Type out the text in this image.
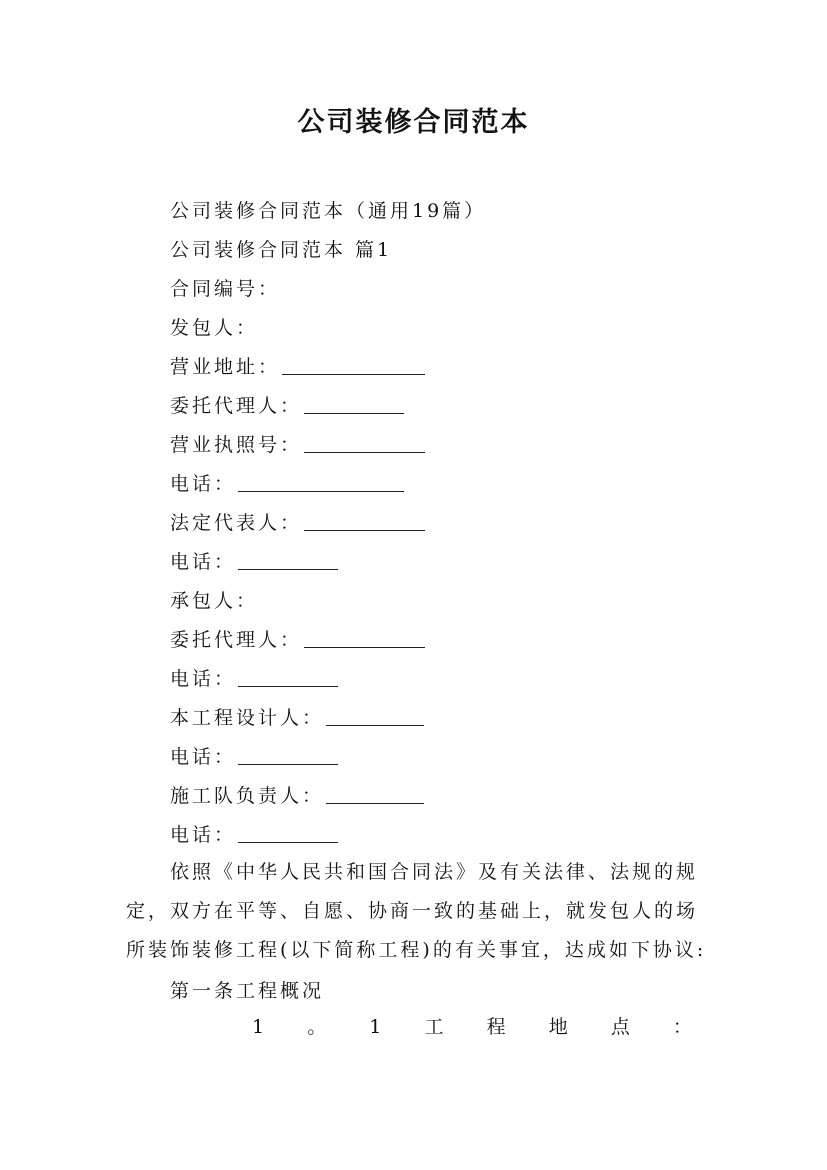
公司装修合同范本
公司装修合同范本（通用19篇）
公司装修合同范本 篇1
合同编号：
发包人：
营业地址：
委托代理人：
营业执照号：
电话：
法定代表人：
电话：
承包人：
委托代理人：
电话：
本工程设计人：
电话：
施工队负责人：
电话：
依照《中华人民共和国合同法》及有关法律、法规的规
定，双方在平等、自愿、协商一致的基础上，就发包人的场
所装饰装修工程(以下简称工程)的有关事宜，达成如下协议:
第一条工程概况
1 。 1 工 程 地 点 ：
